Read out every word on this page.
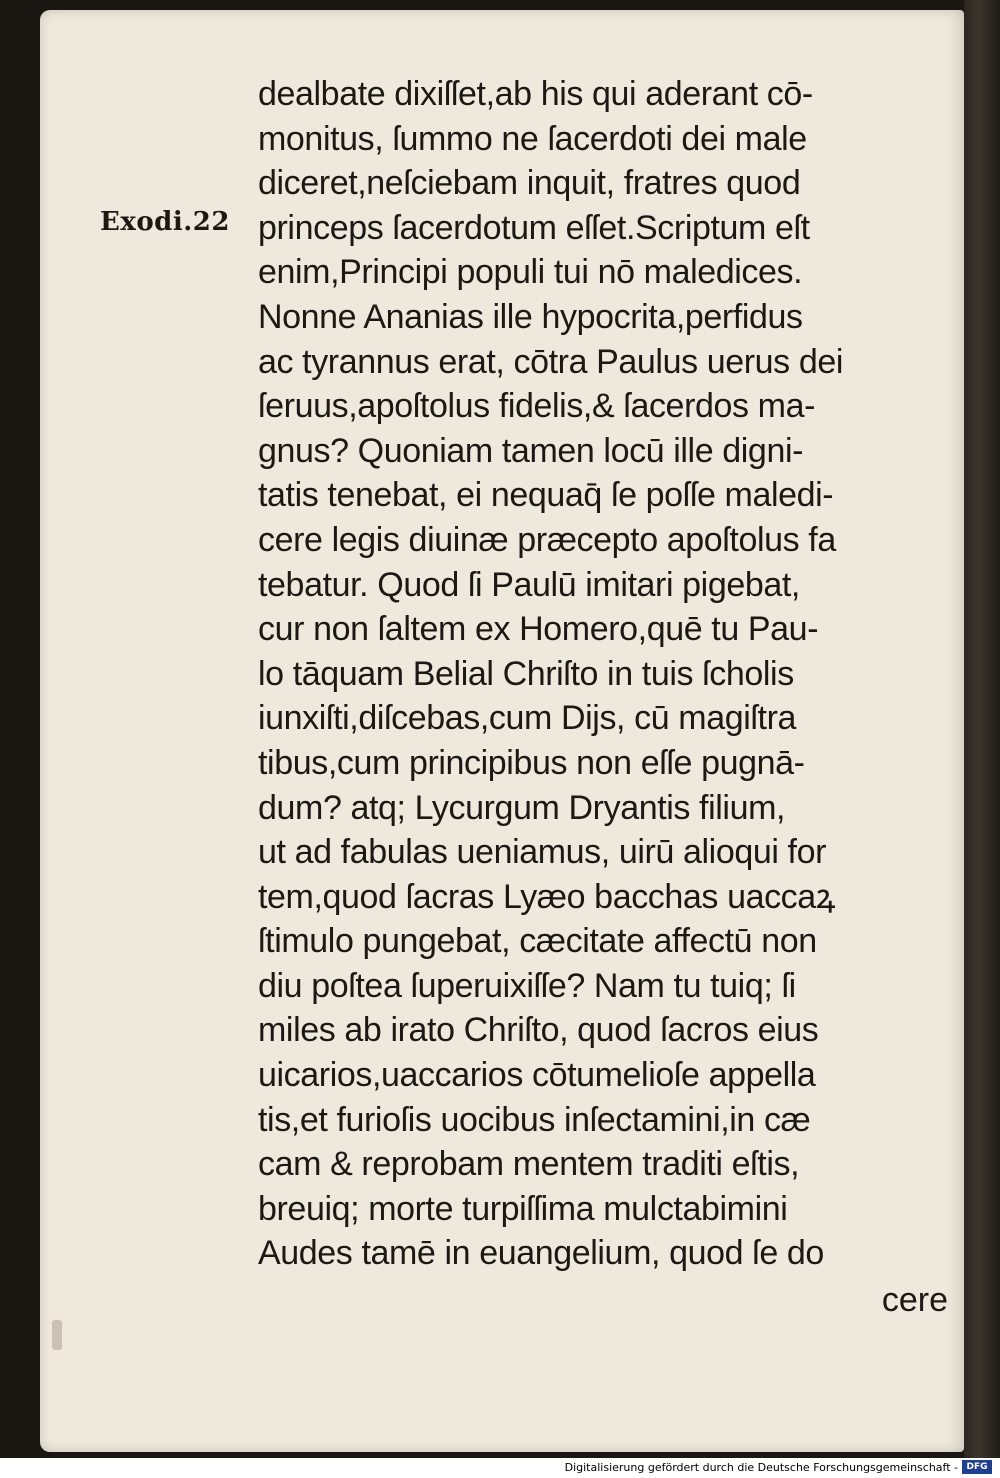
Exodi.22
dealbate dixiſſet,ab his qui aderant cō-
monitus, ſummo ne ſacerdoti dei male
diceret,neſciebam inquit, fratres quod
princeps ſacerdotum eſſet.Scriptum eſt
enim,Principi populi tui nō maledices.
Nonne Ananias ille hypocrita,perfidus
ac tyrannus erat, cōtra Paulus uerus dei
ſeruus,apoſtolus fidelis,& ſacerdos ma-
gnus? Quoniam tamen locū ille digni-
tatis tenebat, ei nequaq̄ ſe poſſe maledi-
cere legis diuinæ præcepto apoſtolus fa
tebatur. Quod ſi Paulū imitari pigebat,
cur non ſaltem ex Homero,quē tu Pau-
lo tāquam Belial Chriſto in tuis ſcholis
iunxiſti,diſcebas,cum Dijs, cū magiſtra
tibus,cum principibus non eſſe pugnā-
dum? atq; Lycurgum Dryantis filium,
ut ad fabulas ueniamus, uirū alioqui for
tem,quod ſacras Lyæo bacchas uaccaꝝ
ſtimulo pungebat, cæcitate affectū non
diu poſtea ſuperuixiſſe? Nam tu tuiq; ſi
miles ab irato Chriſto, quod ſacros eius
uicarios,uaccarios cōtumelioſe appella
tis,et furioſis uocibus inſectamini,in cæ
cam & reprobam mentem traditi eſtis,
breuiq; morte turpiſſima mulctabimini
Audes tamē in euangelium, quod ſe do
cere
Digitalisierung gefördert durch die Deutsche Forschungsgemeinschaft - DFG
